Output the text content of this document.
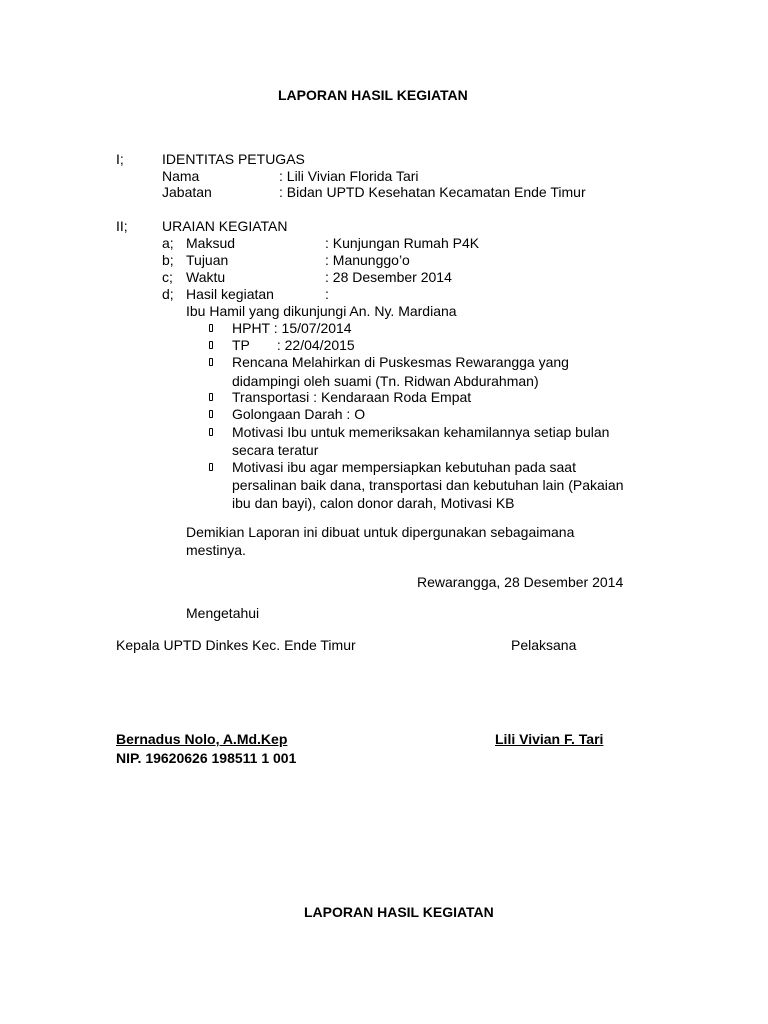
LAPORAN HASIL KEGIATAN
I;	IDENTITAS PETUGAS
Nama	: Lili Vivian Florida Tari
Jabatan	: Bidan UPTD Kesehatan Kecamatan Ende Timur
II; URAIAN KEGIATAN
a; Maksud	: Kunjungan Rumah P4K
b; Tujuan	: Manunggo’o
c; Waktu	: 28 Desember 2014
d; Hasil kegiatan	:
Ibu Hamil yang dikunjungi An. Ny. Mardiana
HPHT : 15/07/2014
TP       : 22/04/2015
Rencana Melahirkan di Puskesmas Rewarangga yang
didampingi oleh suami (Tn. Ridwan Abdurahman)
Transportasi : Kendaraan Roda Empat
Golongaan Darah : O
Motivasi Ibu untuk memeriksakan kehamilannya setiap bulan
secara teratur
Motivasi ibu agar mempersiapkan kebutuhan pada saat
persalinan baik dana, transportasi dan kebutuhan lain (Pakaian
ibu dan bayi), calon donor darah, Motivasi KB
Demikian Laporan ini dibuat untuk dipergunakan sebagaimana
mestinya.
Rewarangga, 28 Desember 2014
Mengetahui
Kepala UPTD Dinkes Kec. Ende Timur	Pelaksana
Bernadus Nolo, A.Md.Kep	Lili Vivian F. Tari
NIP. 19620626 198511 1 001
LAPORAN HASIL KEGIATAN
